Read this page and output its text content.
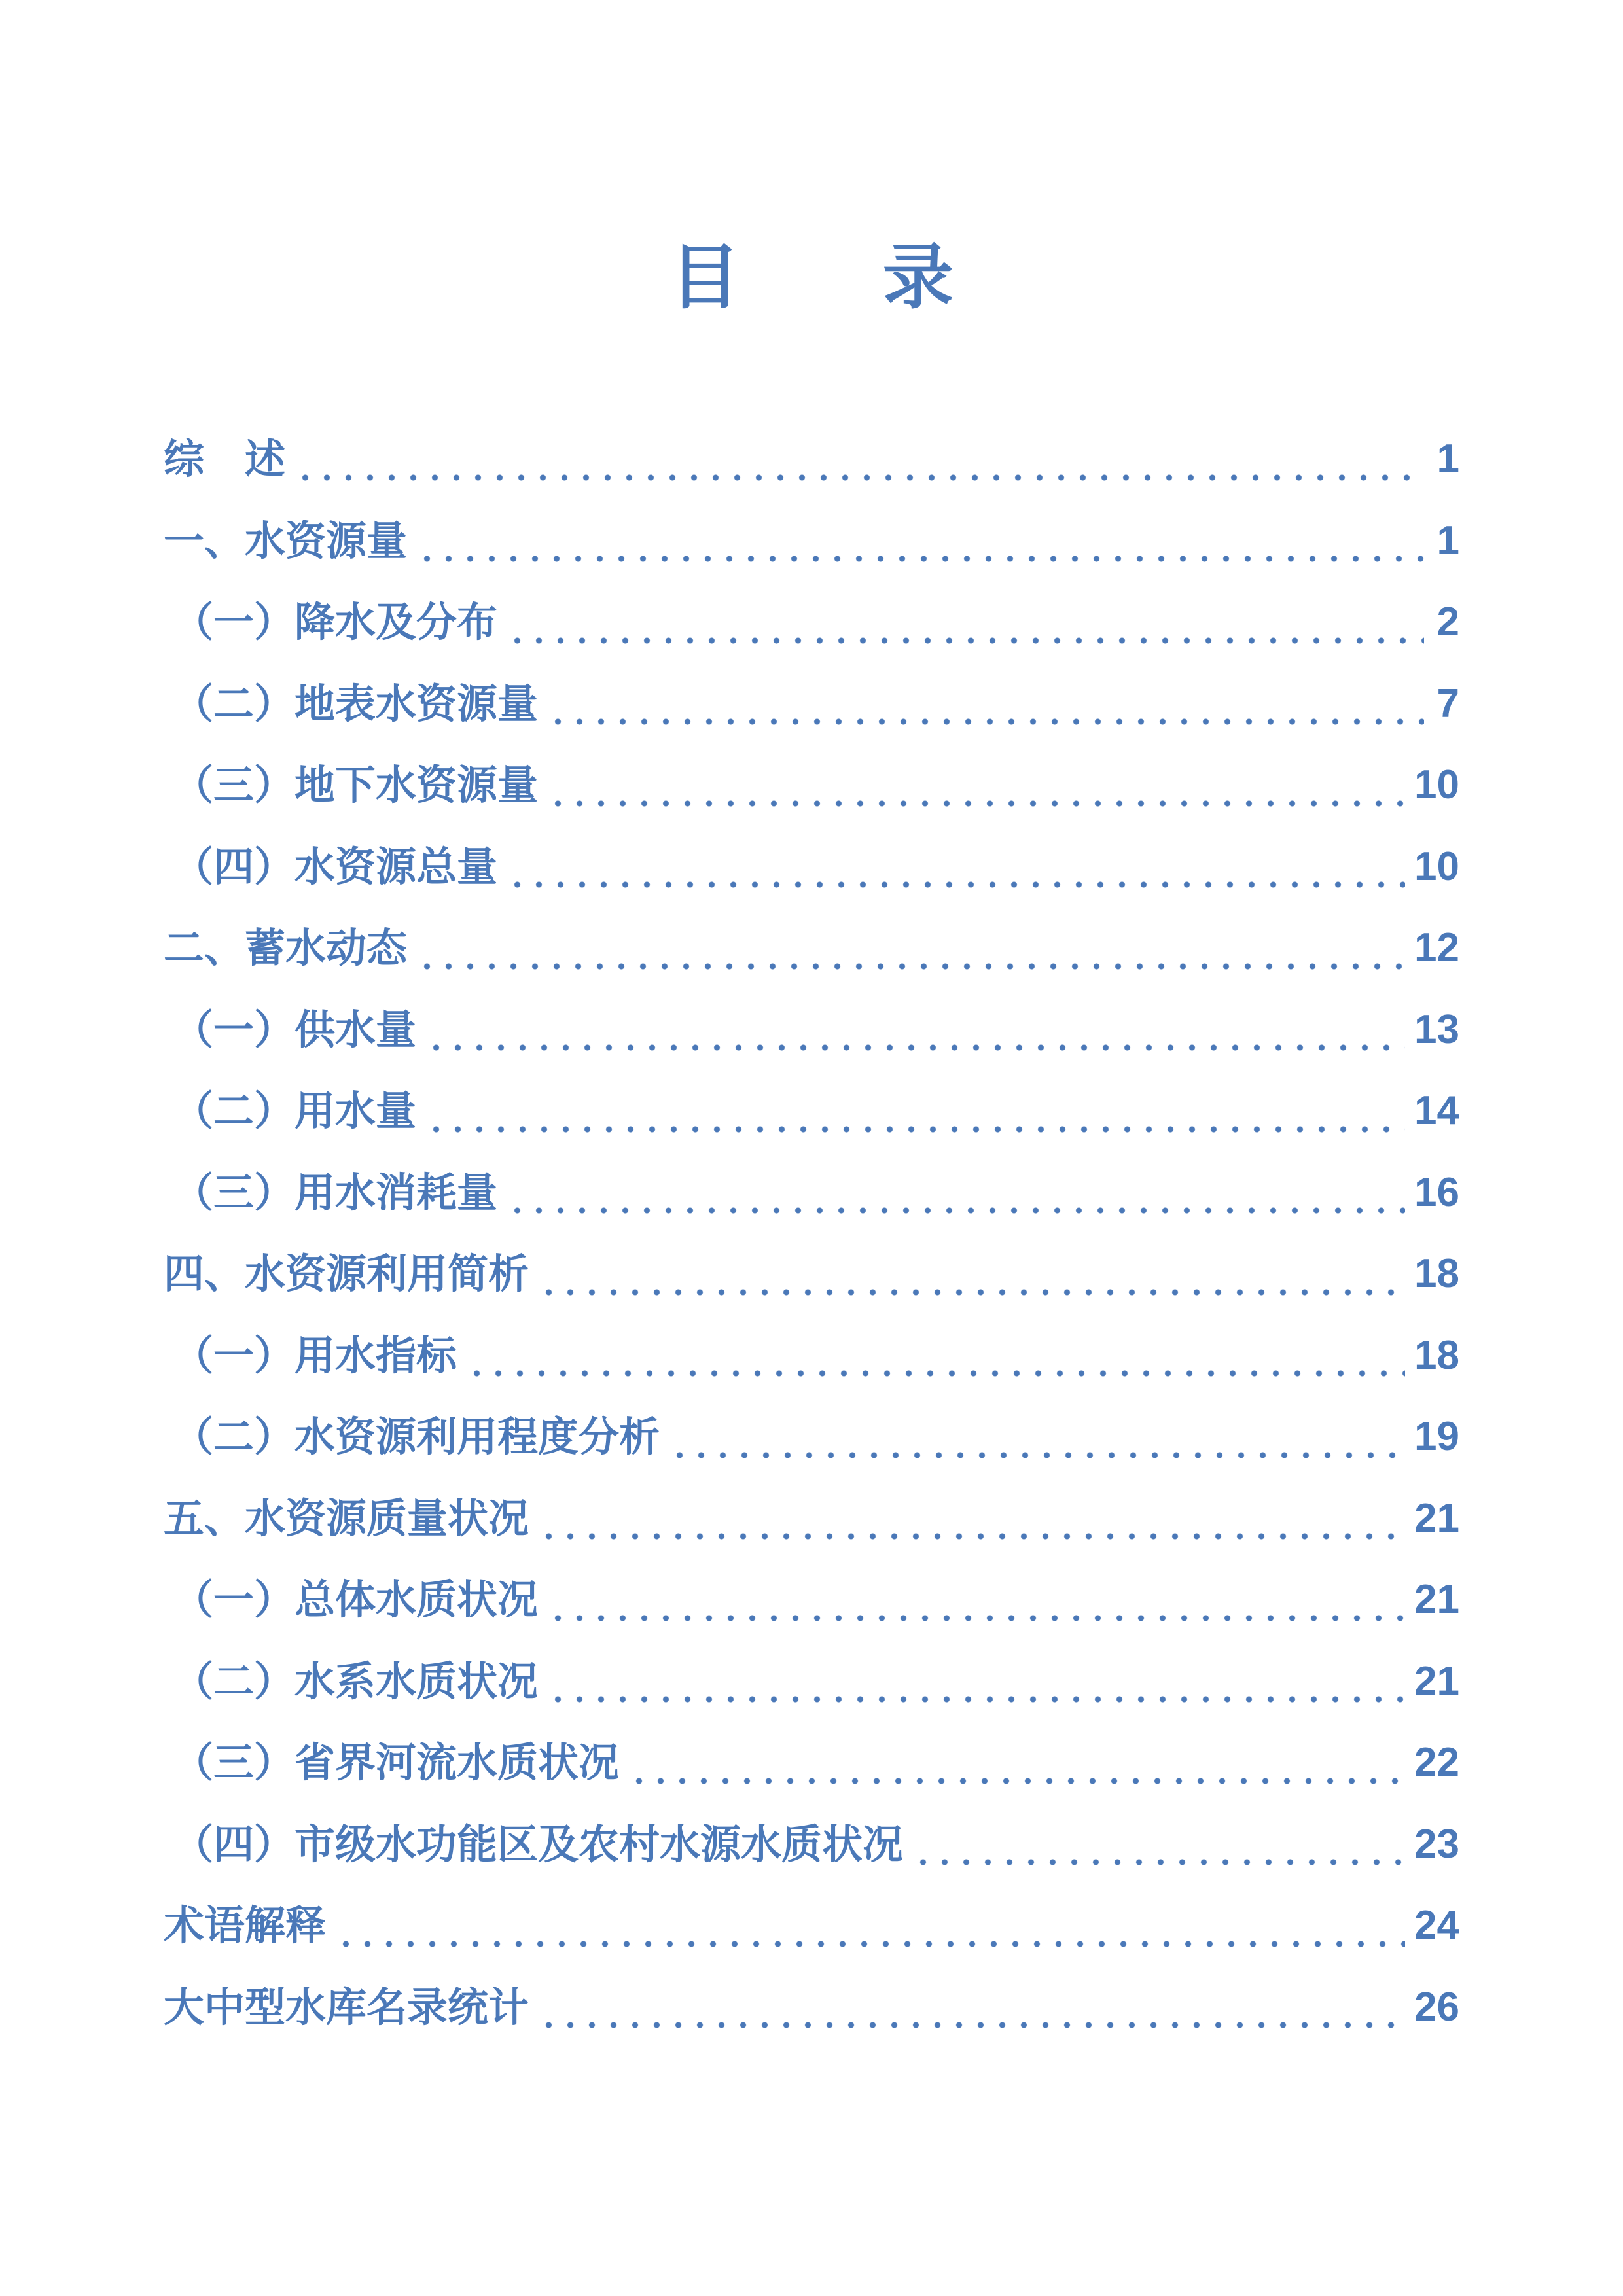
目 录
综　述	1
一、水资源量	1
（一）降水及分布	2
（二）地表水资源量	7
（三）地下水资源量	10
（四）水资源总量	10
二、蓄水动态	12
（一）供水量	13
（二）用水量	14
（三）用水消耗量	16
四、水资源利用简析	18
（一）用水指标	18
（二）水资源利用程度分析	19
五、水资源质量状况	21
（一）总体水质状况	21
（二）水系水质状况	21
（三）省界河流水质状况	22
（四）市级水功能区及农村水源水质状况	23
术语解释	24
大中型水库名录统计	26
